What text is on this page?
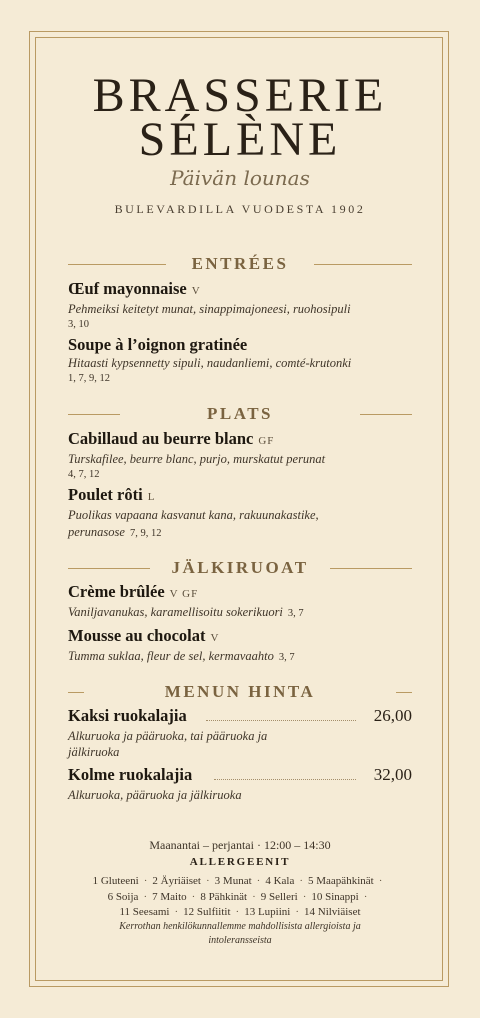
BRASSERIE
SÉLÈNE
Päivän lounas
BULEVARDILLA VUODESTA 1902
ENTRÉES
Œuf mayonnaise V
Pehmeiksi keitetyt munat, sinappimajoneesi, ruohosipuli
3, 10
Soupe à l’oignon gratinée
Hitaasti kypsennetty sipuli, naudanliemi, comté-krutonki
1, 7, 9, 12
PLATS
Cabillaud au beurre blanc GF
Turskafilee, beurre blanc, purjo, murskatut perunat
4, 7, 12
Poulet rôti L
Puolikas vapaana kasvanut kana, rakuunakastike,
perunasose 7, 9, 12
JÄLKIRUOAT
Crème brûlée V GF
Vaniljavanukas, karamellisoitu sokerikuori 3, 7
Mousse au chocolat V
Tumma suklaa, fleur de sel, kermavaahto 3, 7
MENUN HINTA
Kaksi ruokalajia	26,00
Alkuruoka ja pääruoka, tai pääruoka ja jälkiruoka
Kolme ruokalajia	32,00
Alkuruoka, pääruoka ja jälkiruoka
Maanantai – perjantai · 12:00 – 14:30
ALLERGEENIT
1 Gluteeni · 2 Äyriäiset · 3 Munat · 4 Kala · 5 Maapähkinät ·
6 Soija · 7 Maito · 8 Pähkinät · 9 Selleri · 10 Sinappi ·
11 Seesami · 12 Sulfiitit · 13 Lupiini · 14 Nilviäiset
Kerrothan henkilökunnallemme mahdollisista allergioista ja intoleransseista
